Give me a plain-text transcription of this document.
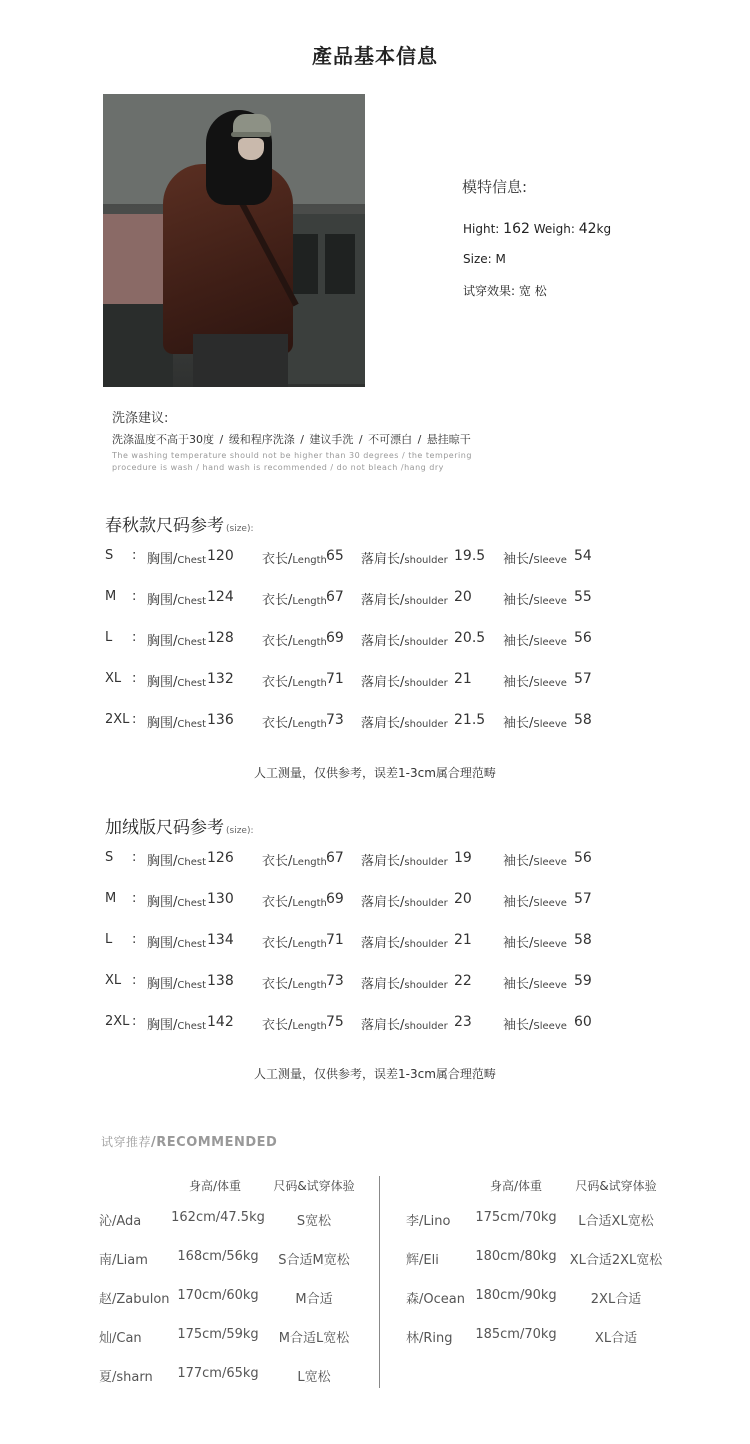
產品基本信息
模特信息:
Hight: 162 Weigh: 42kg
Size: M
试穿效果: 宽 松
洗涤建议:
洗涤温度不高于30度 / 缓和程序洗涤 / 建议手洗 / 不可漂白 / 悬挂晾干
The washing temperature should not be higher than 30 degrees / the tempering
procedure is wash / hand wash is recommended / do not bleach /hang dry
春秋款尺码参考 (size):
S : 胸围/Chest 120 衣长/Length 65 落肩长/shoulder 19.5 袖长/Sleeve 54
M : 胸围/Chest 124 衣长/Length 67 落肩长/shoulder 20 袖长/Sleeve 55
L : 胸围/Chest 128 衣长/Length 69 落肩长/shoulder 20.5 袖长/Sleeve 56
XL : 胸围/Chest 132 衣长/Length 71 落肩长/shoulder 21 袖长/Sleeve 57
2XL : 胸围/Chest 136 衣长/Length 73 落肩长/shoulder 21.5 袖长/Sleeve 58
人工测量，仅供参考，误差1-3cm属合理范畴
加绒版尺码参考 (size):
S : 胸围/Chest 126 衣长/Length 67 落肩长/shoulder 19 袖长/Sleeve 56
M : 胸围/Chest 130 衣长/Length 69 落肩长/shoulder 20 袖长/Sleeve 57
L : 胸围/Chest 134 衣长/Length 71 落肩长/shoulder 21 袖长/Sleeve 58
XL : 胸围/Chest 138 衣长/Length 73 落肩长/shoulder 22 袖长/Sleeve 59
2XL : 胸围/Chest 142 衣长/Length 75 落肩长/shoulder 23 袖长/Sleeve 60
人工测量，仅供参考，误差1-3cm属合理范畴
试穿推荐/RECOMMENDED
身高/体重	尺码&试穿体验	身高/体重	尺码&试穿体验
沁/Ada 162cm/47.5kg	S宽松
南/Liam	168cm/56kg	S合适M宽松
赵/Zabulon 170cm/60kg	M合适
灿/Can	175cm/59kg	M合适L宽松
夏/sharn	177cm/65kg	L宽松
李/Lino	175cm/70kg	L合适XL宽松
辉/Eli	180cm/80kg	XL合适2XL宽松
森/Ocean 180cm/90kg	2XL合适
林/Ring	185cm/70kg	XL合适
